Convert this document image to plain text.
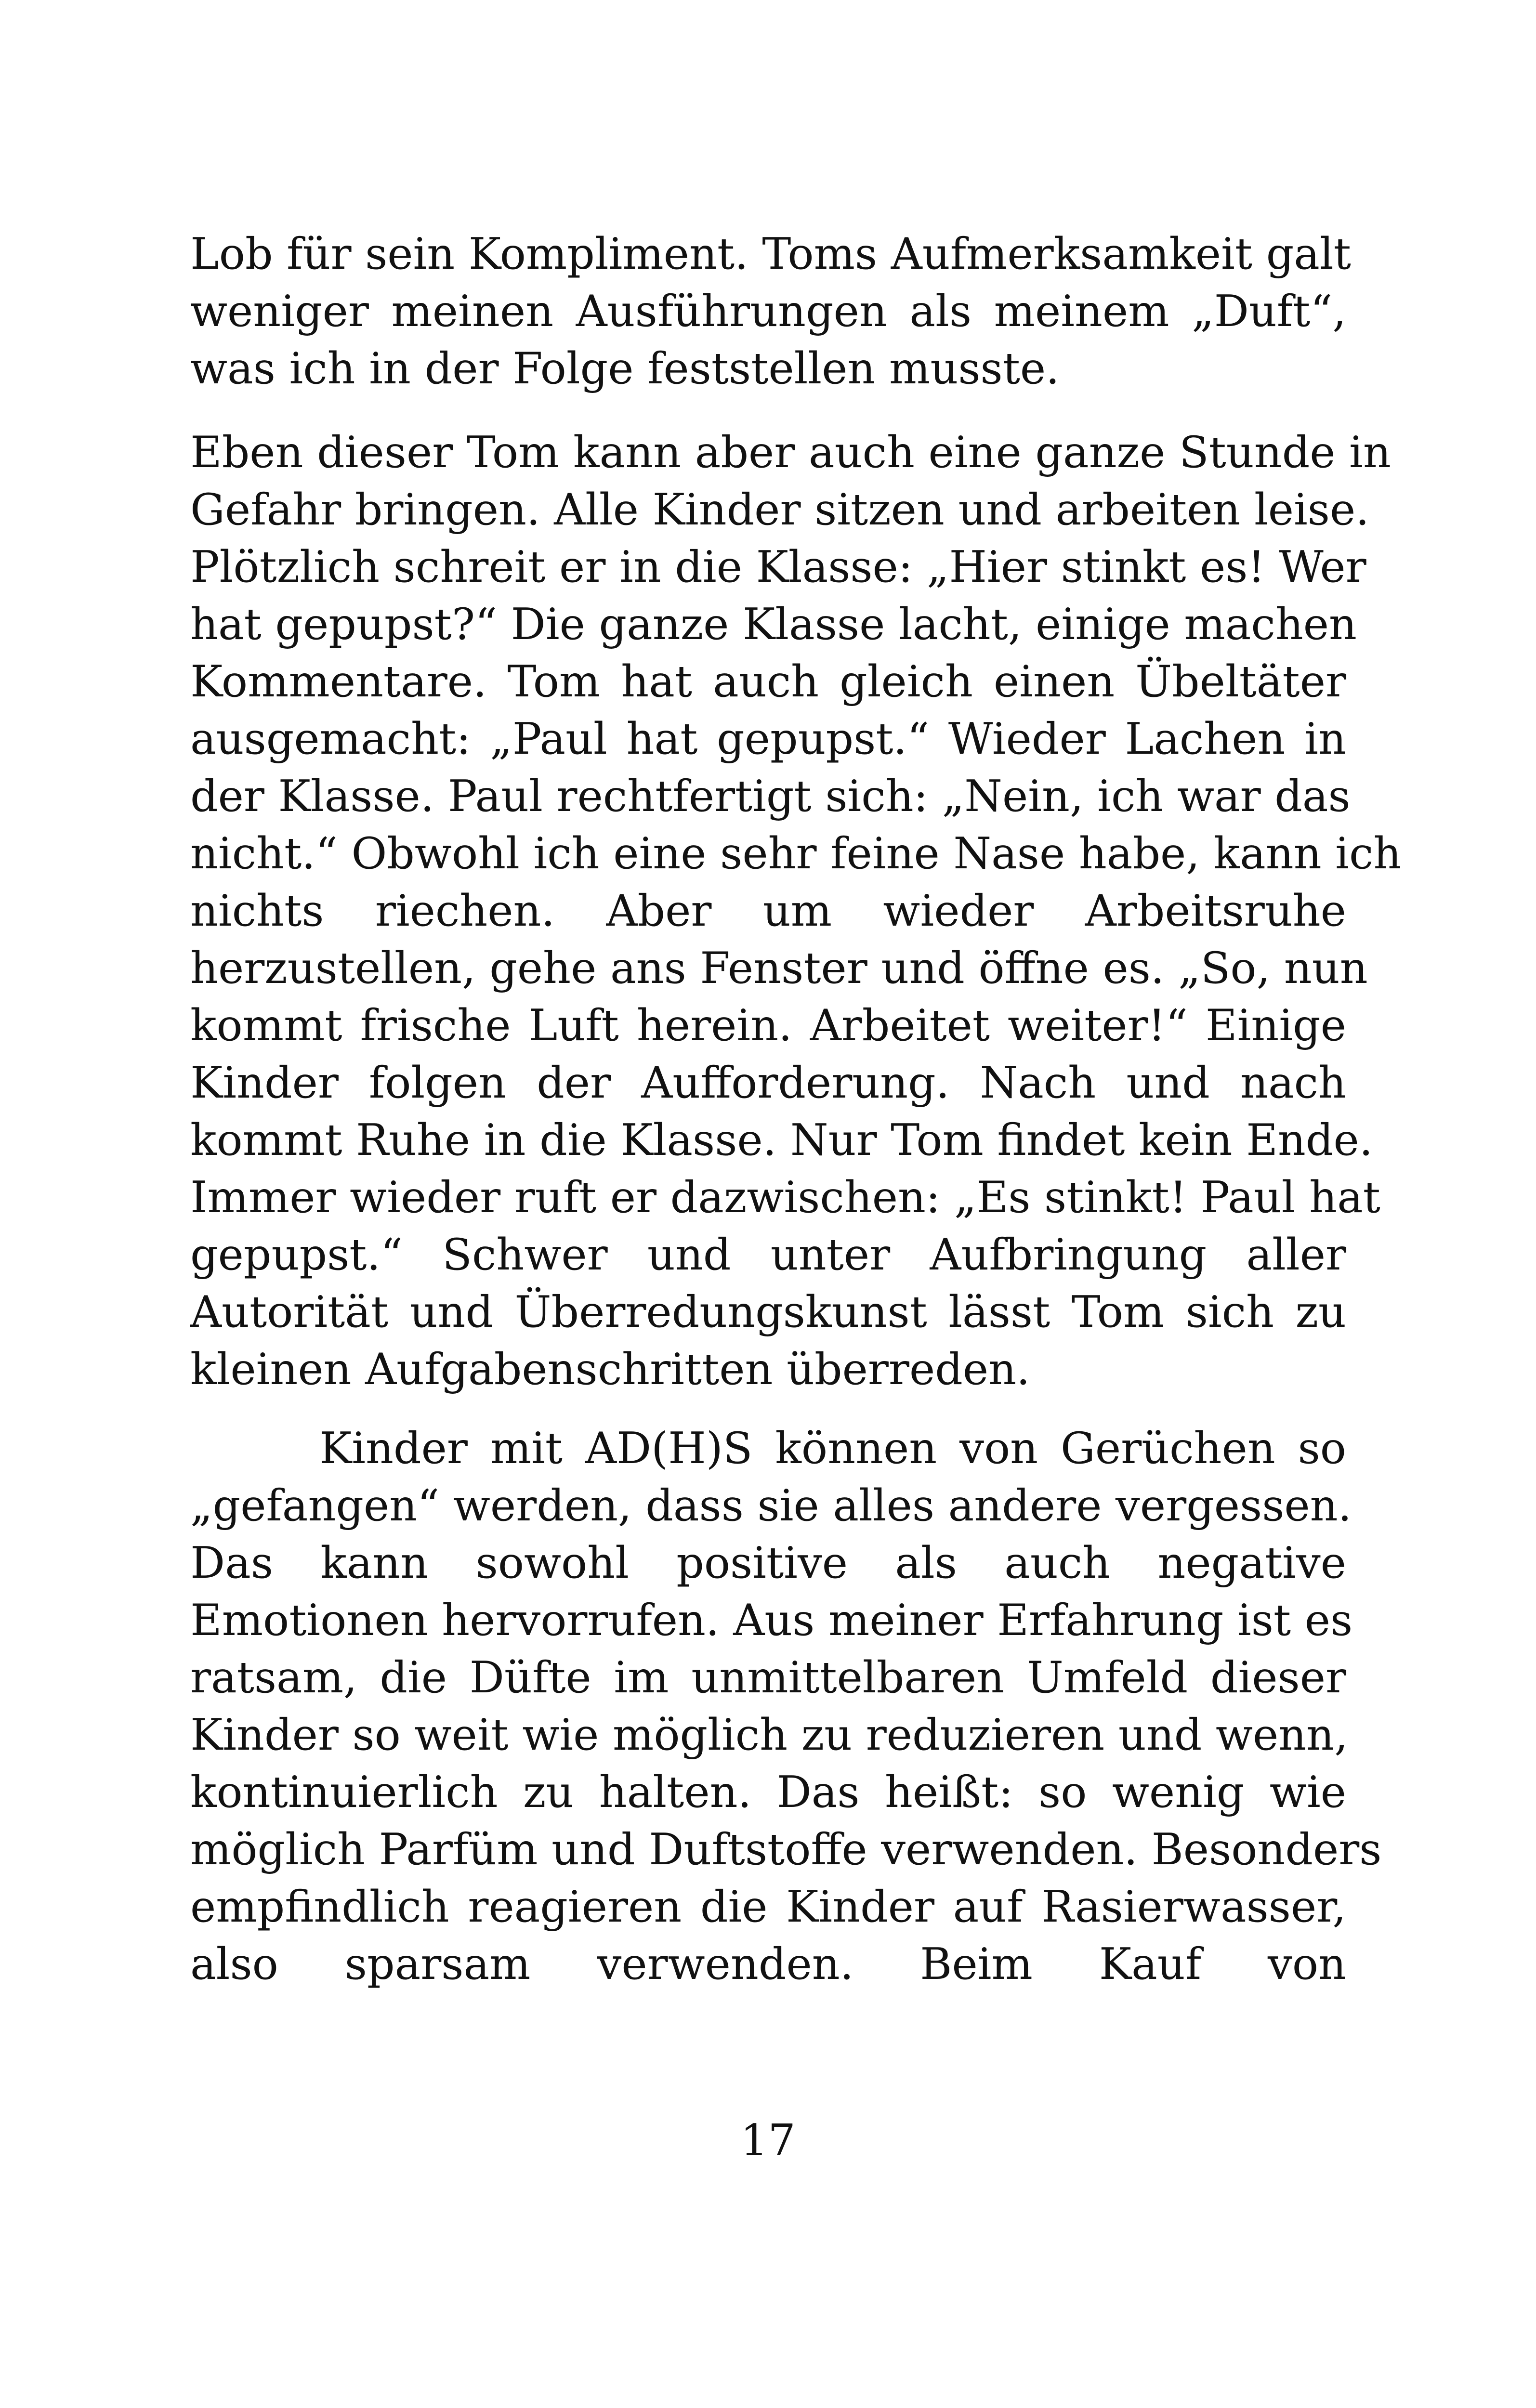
Lob für sein Kompliment. Toms Aufmerksamkeit galt
weniger meinen Ausführungen als meinem „Duft“,
was ich in der Folge feststellen musste.
Eben dieser Tom kann aber auch eine ganze Stunde in
Gefahr bringen. Alle Kinder sitzen und arbeiten leise.
Plötzlich schreit er in die Klasse: „Hier stinkt es! Wer
hat gepupst?“ Die ganze Klasse lacht, einige machen
Kommentare. Tom hat auch gleich einen Übeltäter
ausgemacht: „Paul hat gepupst.“ Wieder Lachen in
der Klasse. Paul rechtfertigt sich: „Nein, ich war das
nicht.“ Obwohl ich eine sehr feine Nase habe, kann ich
nichts riechen. Aber um wieder Arbeitsruhe
herzustellen, gehe ans Fenster und öffne es. „So, nun
kommt frische Luft herein. Arbeitet weiter!“ Einige
Kinder folgen der Aufforderung. Nach und nach
kommt Ruhe in die Klasse. Nur Tom findet kein Ende.
Immer wieder ruft er dazwischen: „Es stinkt! Paul hat
gepupst.“ Schwer und unter Aufbringung aller
Autorität und Überredungskunst lässt Tom sich zu
kleinen Aufgabenschritten überreden.
Kinder mit AD(H)S können von Gerüchen so
„gefangen“ werden, dass sie alles andere vergessen.
Das kann sowohl positive als auch negative
Emotionen hervorrufen. Aus meiner Erfahrung ist es
ratsam, die Düfte im unmittelbaren Umfeld dieser
Kinder so weit wie möglich zu reduzieren und wenn,
kontinuierlich zu halten. Das heißt: so wenig wie
möglich Parfüm und Duftstoffe verwenden. Besonders
empfindlich reagieren die Kinder auf Rasierwasser,
also sparsam verwenden. Beim Kauf von
17
